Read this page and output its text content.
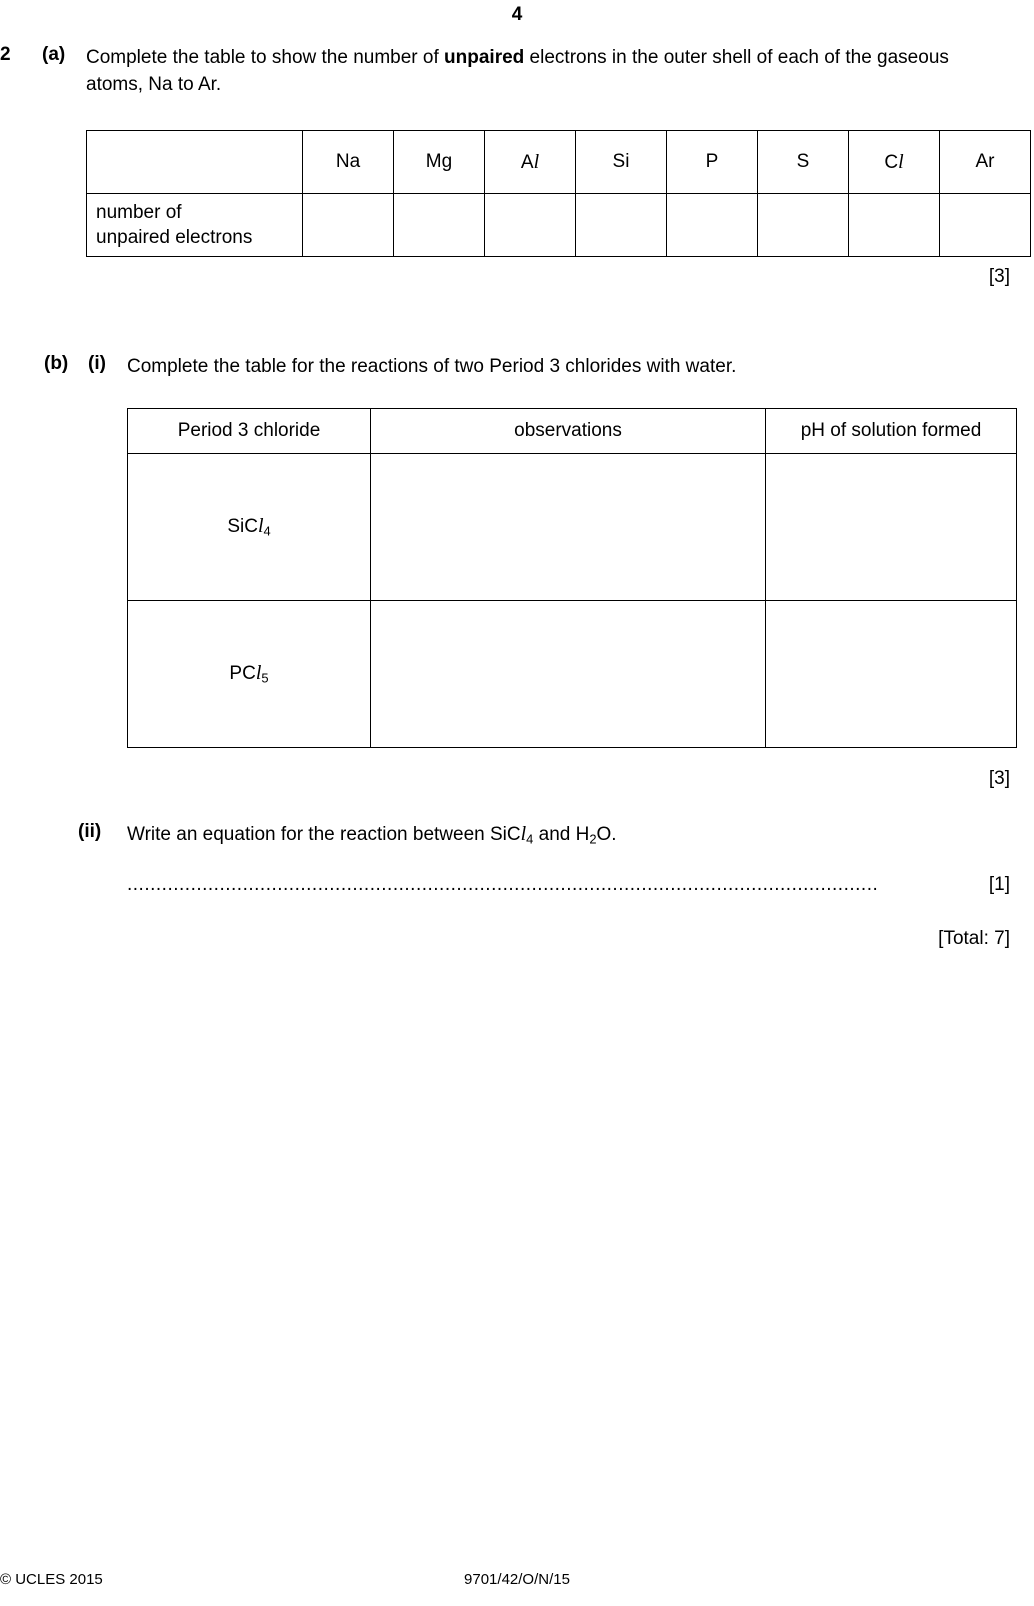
4
2 (a) Complete the table to show the number of unpaired electrons in the outer shell of each of the gaseous atoms, Na to Ar.
	Na	Mg	Al	Si	P	S	Cl	Ar
number of
unpaired electrons								
[3]
(b) (i) Complete the table for the reactions of two Period 3 chlorides with water.
Period 3 chloride	observations	pH of solution formed
SiCl$_4$		
PCl$_5$		
[3]
(ii) Write an equation for the reaction between SiCl$_4$ and $H_2O$.
..................................................................................................................................	[1]
[Total: 7]
© UCLES 2015	9701/42/O/N/15
